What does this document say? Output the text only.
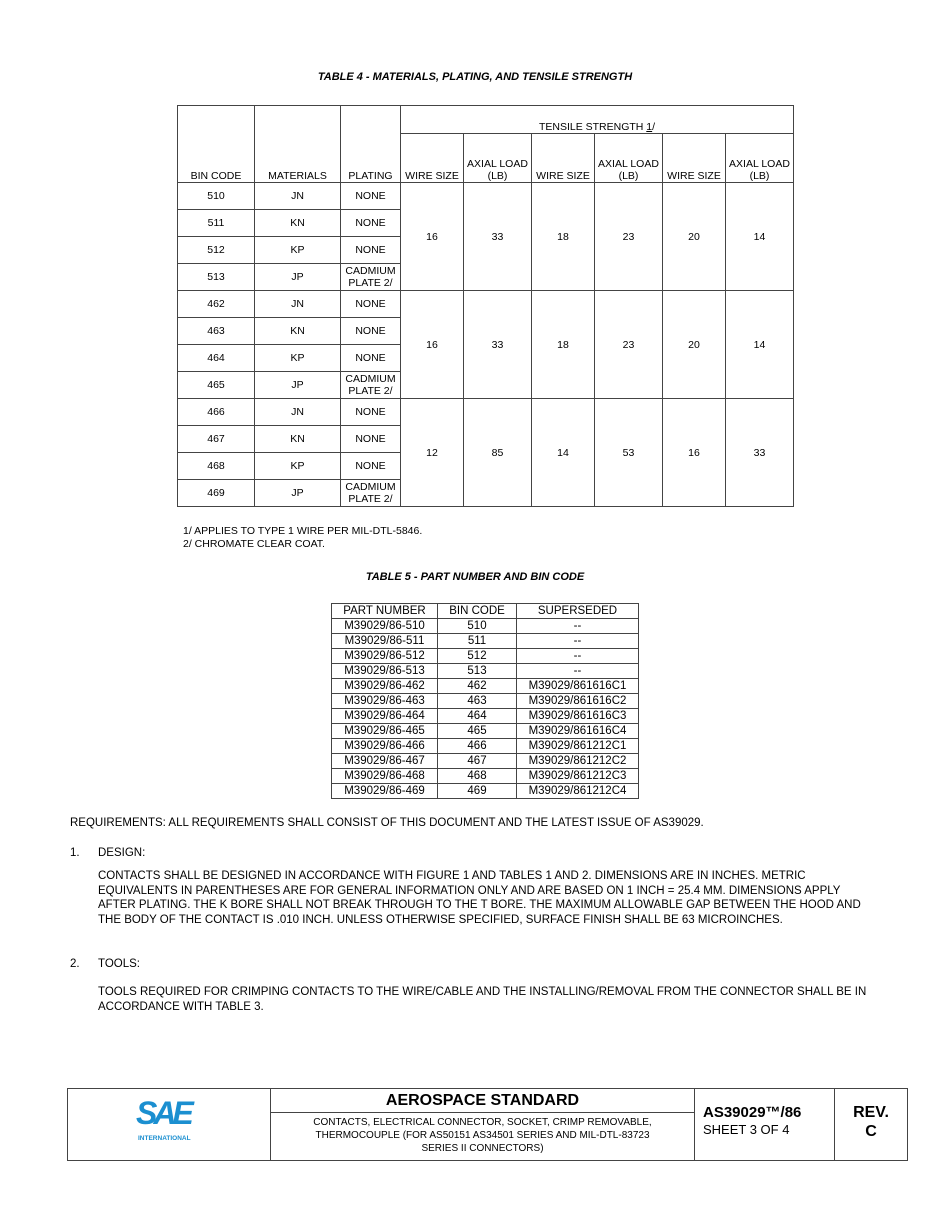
TABLE 4 - MATERIALS, PLATING, AND TENSILE STRENGTH
BIN CODE	MATERIALS	PLATING	TENSILE STRENGTH 1/					
			WIRE SIZE	AXIAL LOAD (LB)	WIRE SIZE	AXIAL LOAD (LB)	WIRE SIZE	AXIAL LOAD (LB)
510	JN	NONE	16	33	18	23	20	14
511	KN	NONE						
512	KP	NONE						
513	JP	CADMIUM PLATE 2/						
462	JN	NONE	16	33	18	23	20	14
463	KN	NONE						
464	KP	NONE						
465	JP	CADMIUM PLATE 2/						
466	JN	NONE	12	85	14	53	16	33
467	KN	NONE						
468	KP	NONE						
469	JP	CADMIUM PLATE 2/						
1/ APPLIES TO TYPE 1 WIRE PER MIL-DTL-5846.
2/ CHROMATE CLEAR COAT.
TABLE 5 - PART NUMBER AND BIN CODE
PART NUMBER	BIN CODE	SUPERSEDED
M39029/86-510	510	--
M39029/86-511	511	--
M39029/86-512	512	--
M39029/86-513	513	--
M39029/86-462	462	M39029/861616C1
M39029/86-463	463	M39029/861616C2
M39029/86-464	464	M39029/861616C3
M39029/86-465	465	M39029/861616C4
M39029/86-466	466	M39029/861212C1
M39029/86-467	467	M39029/861212C2
M39029/86-468	468	M39029/861212C3
M39029/86-469	469	M39029/861212C4
REQUIREMENTS: ALL REQUIREMENTS SHALL CONSIST OF THIS DOCUMENT AND THE LATEST ISSUE OF AS39029.
1. DESIGN:
CONTACTS SHALL BE DESIGNED IN ACCORDANCE WITH FIGURE 1 AND TABLES 1 AND 2. DIMENSIONS ARE IN INCHES. METRIC EQUIVALENTS IN PARENTHESES ARE FOR GENERAL INFORMATION ONLY AND ARE BASED ON 1 INCH = 25.4 MM. DIMENSIONS APPLY AFTER PLATING. THE K BORE SHALL NOT BREAK THROUGH TO THE T BORE. THE MAXIMUM ALLOWABLE GAP BETWEEN THE HOOD AND THE BODY OF THE CONTACT IS .010 INCH. UNLESS OTHERWISE SPECIFIED, SURFACE FINISH SHALL BE 63 MICROINCHES.
2. TOOLS:
TOOLS REQUIRED FOR CRIMPING CONTACTS TO THE WIRE/CABLE AND THE INSTALLING/REMOVAL FROM THE CONNECTOR SHALL BE IN ACCORDANCE WITH TABLE 3.
SAE
INTERNATIONAL
AEROSPACE STANDARD
CONTACTS, ELECTRICAL CONNECTOR, SOCKET, CRIMP REMOVABLE, THERMOCOUPLE (FOR AS50151 AS34501 SERIES AND MIL-DTL-83723 SERIES II CONNECTORS)
AS39029™/86
SHEET 3 OF 4
REV.
C
